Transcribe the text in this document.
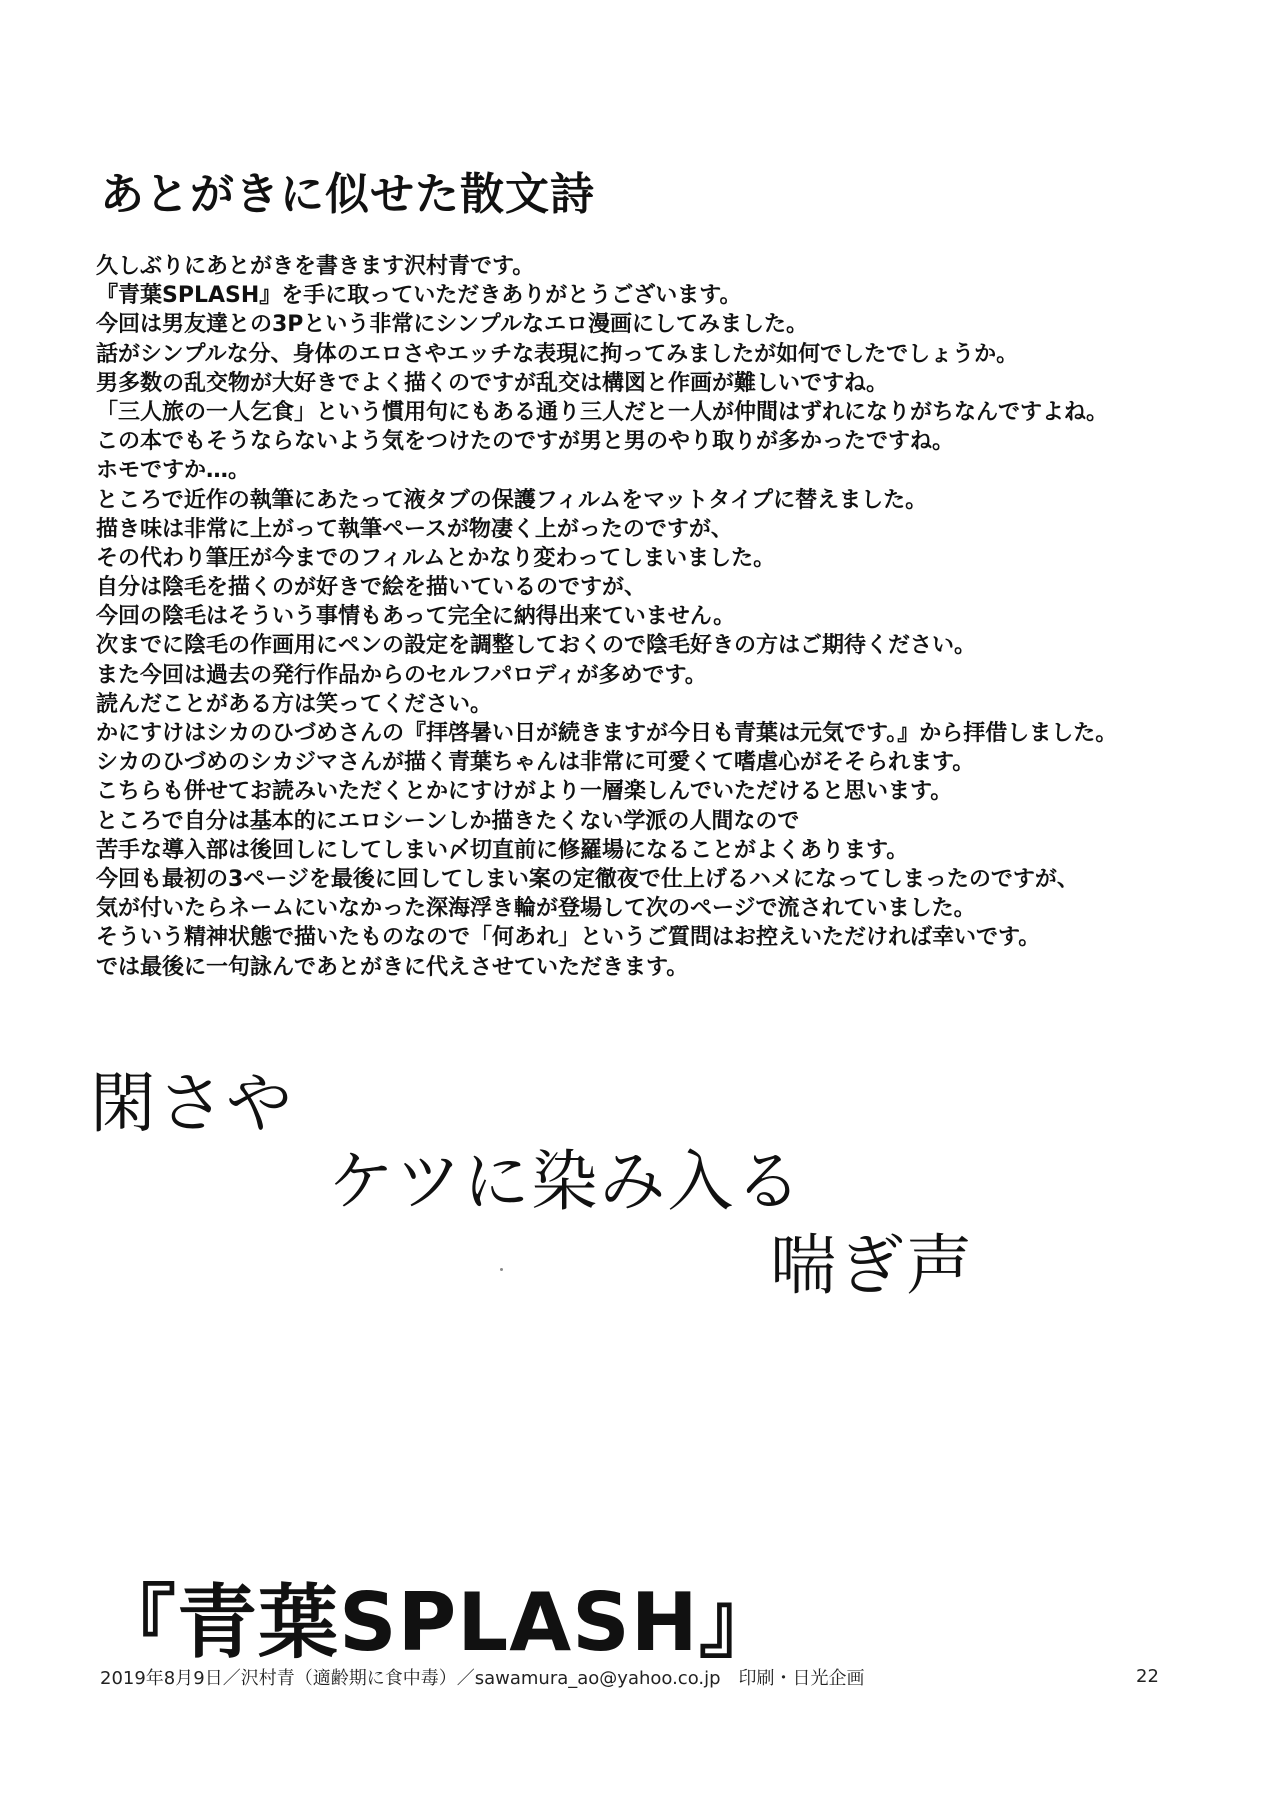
あとがきに似せた散文詩
久しぶりにあとがきを書きます沢村青です。
『青葉SPLASH』を手に取っていただきありがとうございます。
今回は男友達との3Pという非常にシンプルなエロ漫画にしてみました。
話がシンプルな分、身体のエロさやエッチな表現に拘ってみましたが如何でしたでしょうか。
男多数の乱交物が大好きでよく描くのですが乱交は構図と作画が難しいですね。
「三人旅の一人乞食」という慣用句にもある通り三人だと一人が仲間はずれになりがちなんですよね。
この本でもそうならないよう気をつけたのですが男と男のやり取りが多かったですね。
ホモですか…。
ところで近作の執筆にあたって液タブの保護フィルムをマットタイプに替えました。
描き味は非常に上がって執筆ペースが物凄く上がったのですが、
その代わり筆圧が今までのフィルムとかなり変わってしまいました。
自分は陰毛を描くのが好きで絵を描いているのですが、
今回の陰毛はそういう事情もあって完全に納得出来ていません。
次までに陰毛の作画用にペンの設定を調整しておくので陰毛好きの方はご期待ください。
また今回は過去の発行作品からのセルフパロディが多めです。
読んだことがある方は笑ってください。
かにすけはシカのひづめさんの『拝啓暑い日が続きますが今日も青葉は元気です。』から拝借しました。
シカのひづめのシカジマさんが描く青葉ちゃんは非常に可愛くて嗜虐心がそそられます。
こちらも併せてお読みいただくとかにすけがより一層楽しんでいただけると思います。
ところで自分は基本的にエロシーンしか描きたくない学派の人間なので
苦手な導入部は後回しにしてしまい〆切直前に修羅場になることがよくあります。
今回も最初の3ページを最後に回してしまい案の定徹夜で仕上げるハメになってしまったのですが、
気が付いたらネームにいなかった深海浮き輪が登場して次のページで流されていました。
そういう精神状態で描いたものなので「何あれ」というご質問はお控えいただければ幸いです。
では最後に一句詠んであとがきに代えさせていただきます。
閑さや
ケツに染み入る
喘ぎ声
『青葉SPLASH』
2019年8月9日／沢村青（適齢期に食中毒）／sawamura_ao@yahoo.co.jp　印刷・日光企画	22
